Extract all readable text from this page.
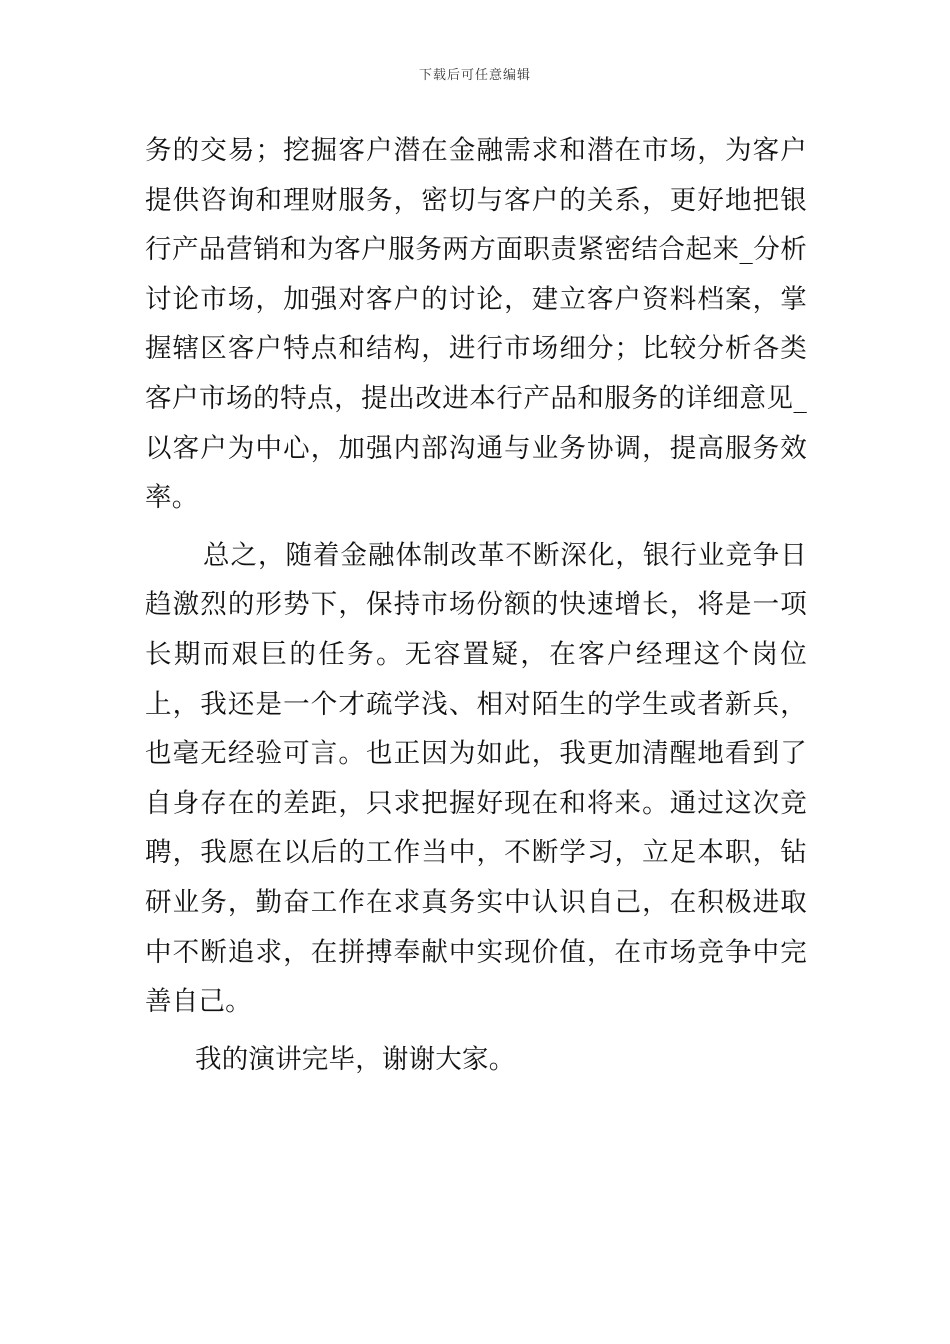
下载后可任意编辑

务的交易；挖掘客户潜在金融需求和潜在市场，为客户提供咨询和理财服务，密切与客户的关系，更好地把银行产品营销和为客户服务两方面职责紧密结合起来_分析讨论市场，加强对客户的讨论，建立客户资料档案，掌握辖区客户特点和结构，进行市场细分；比较分析各类客户市场的特点，提出改进本行产品和服务的详细意见_以客户为中心，加强内部沟通与业务协调，提高服务效率。

总之，随着金融体制改革不断深化，银行业竞争日趋激烈的形势下，保持市场份额的快速增长，将是一项长期而艰巨的任务。无容置疑，在客户经理这个岗位上，我还是一个才疏学浅、相对陌生的学生或者新兵，也毫无经验可言。也正因为如此，我更加清醒地看到了自身存在的差距，只求把握好现在和将来。通过这次竞聘，我愿在以后的工作当中，不断学习，立足本职，钻研业务，勤奋工作在求真务实中认识自己，在积极进取中不断追求，在拼搏奉献中实现价值，在市场竞争中完善自己。

我的演讲完毕，谢谢大家。
